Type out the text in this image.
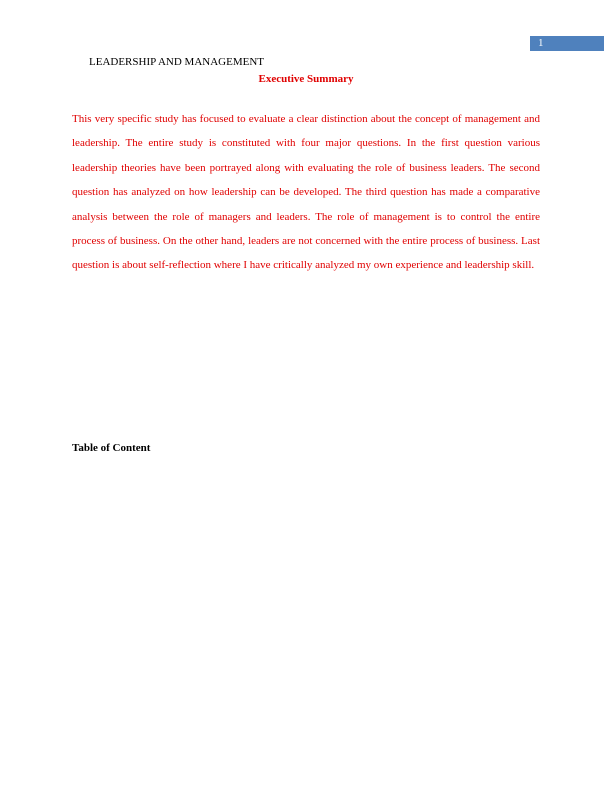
1
LEADERSHIP AND MANAGEMENT
Executive Summary

This very specific study has focused to evaluate a clear distinction about the concept of management and leadership. The entire study is constituted with four major questions. In the first question various leadership theories have been portrayed along with evaluating the role of business leaders. The second question has analyzed on how leadership can be developed. The third question has made a comparative analysis between the role of managers and leaders. The role of management is to control the entire process of business. On the other hand, leaders are not concerned with the entire process of business. Last question is about self-reflection where I have critically analyzed my own experience and leadership skill.

Table of Content
